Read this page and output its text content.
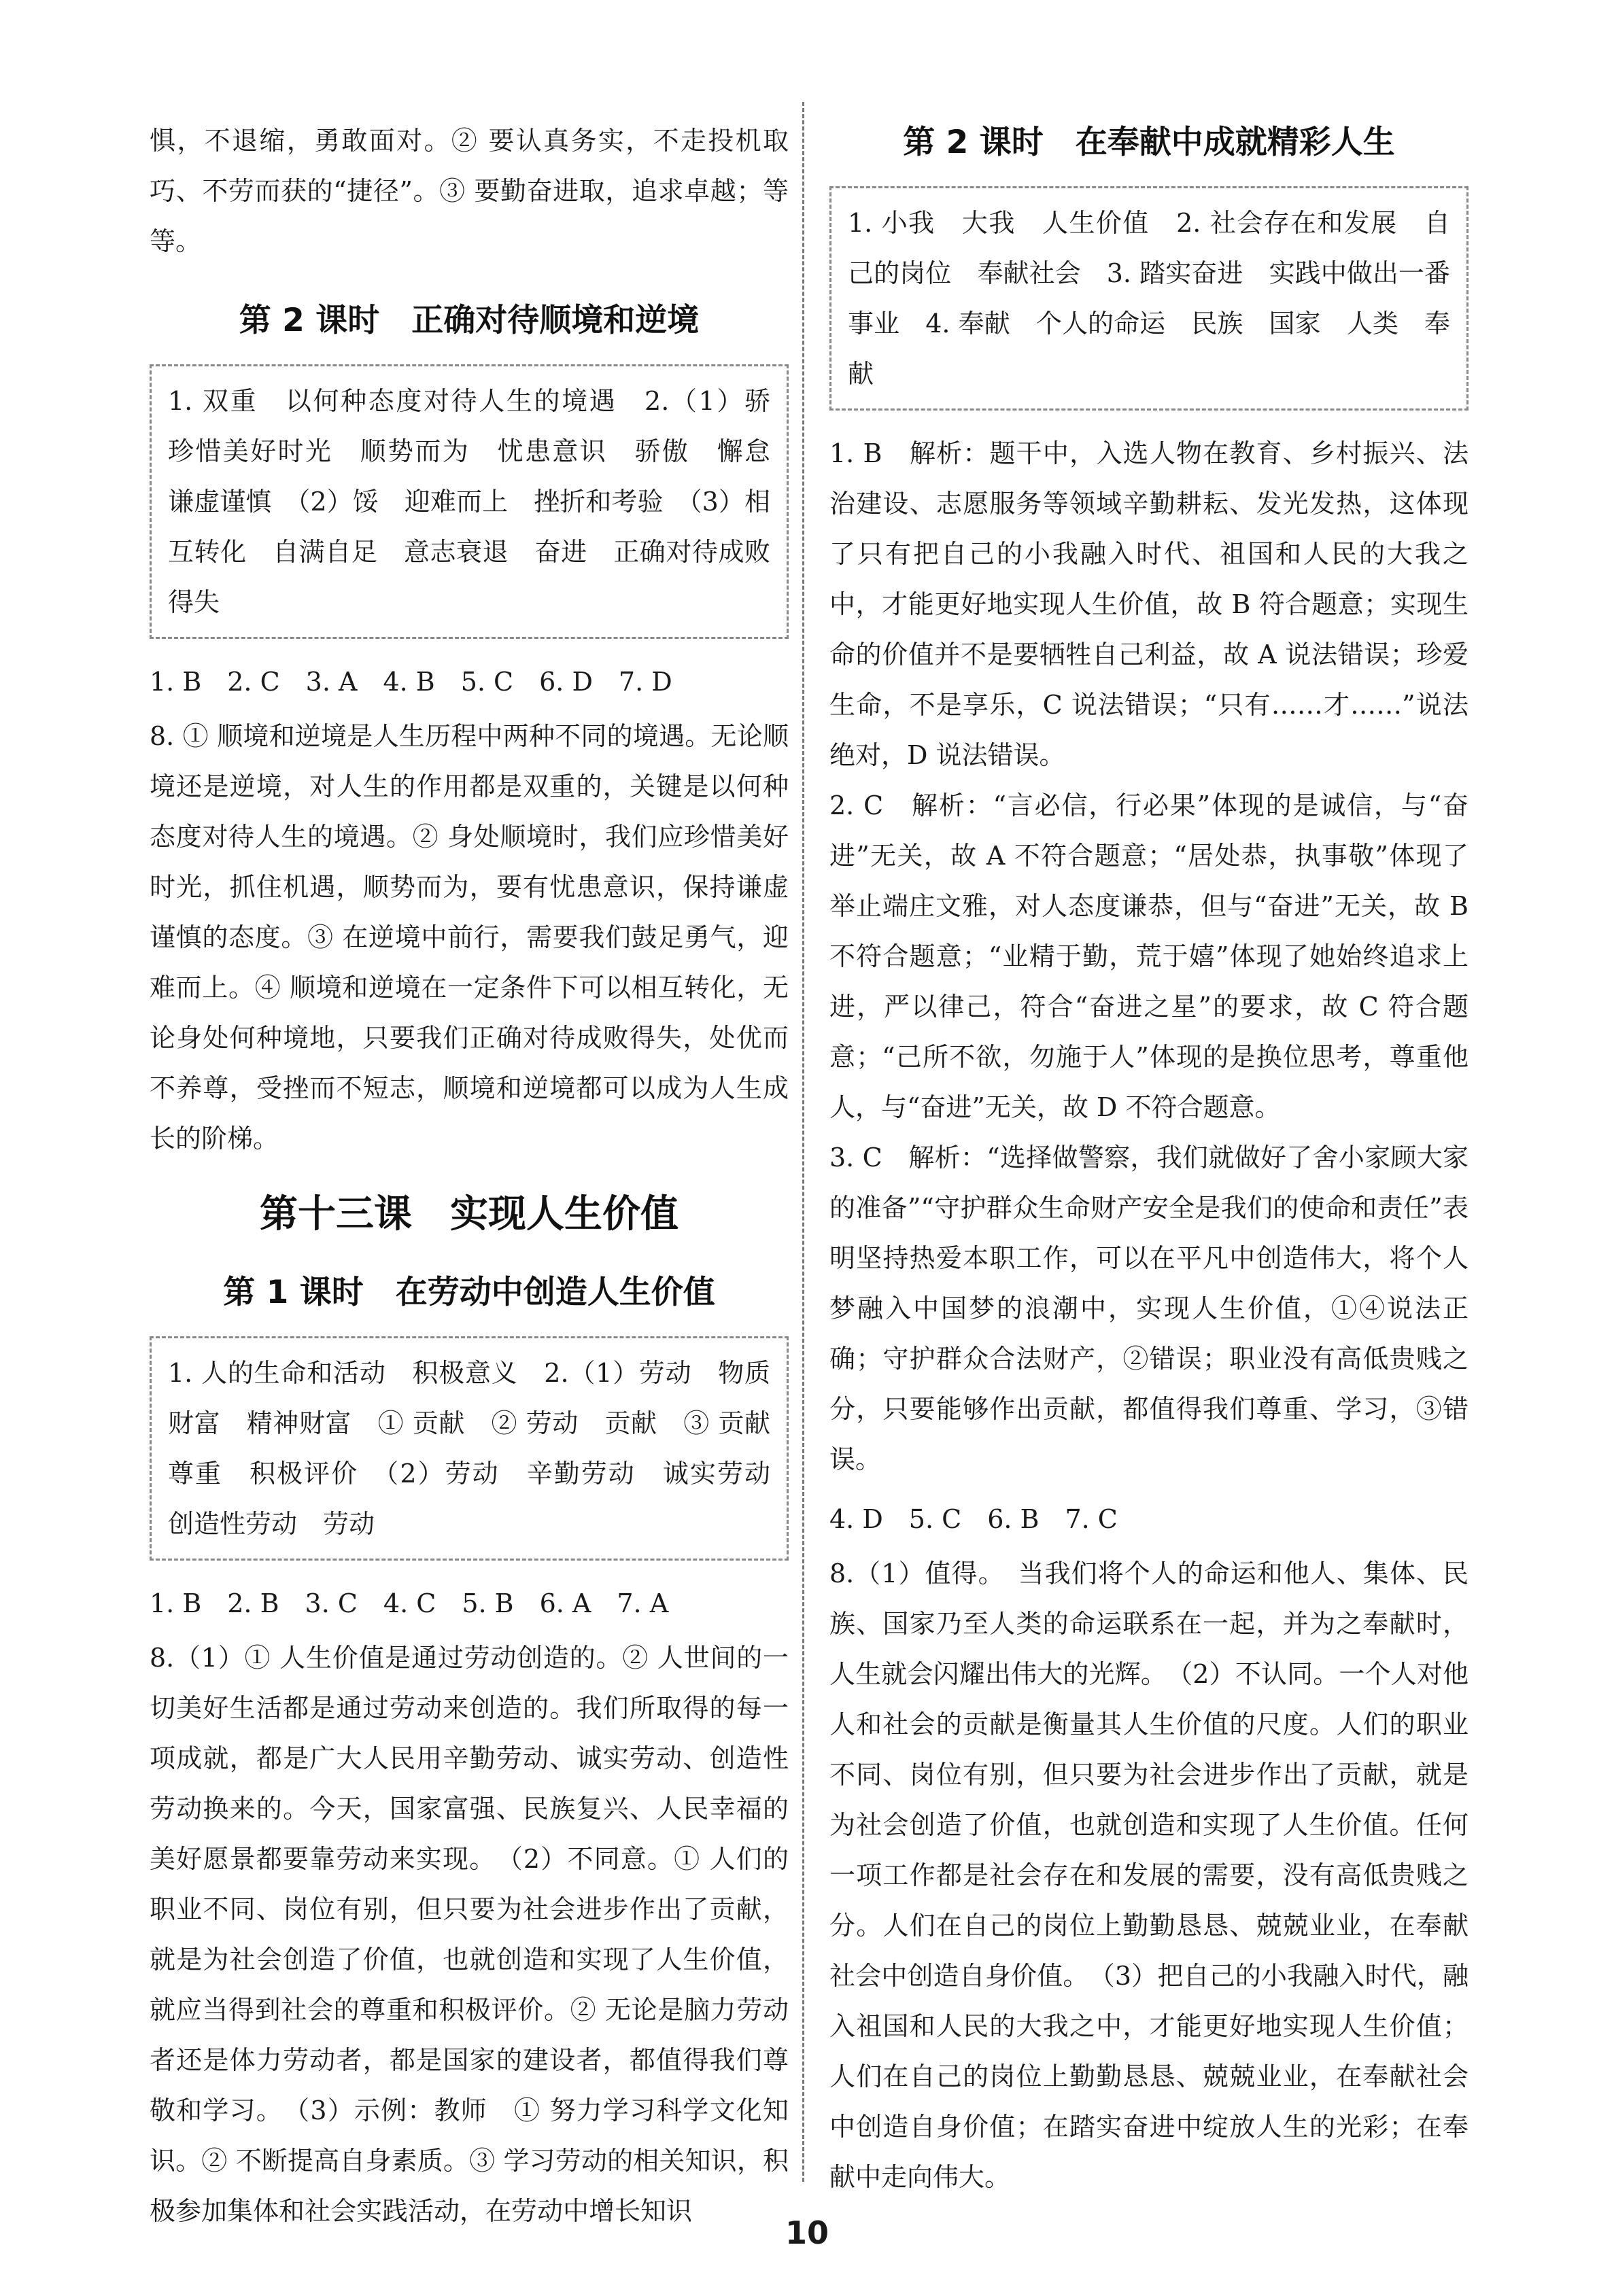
惧，不退缩，勇敢面对。② 要认真务实，不走投机取巧、不劳而获的“捷径”。③ 要勤奋进取，追求卓越；等等。

第 2 课时　正确对待顺境和逆境

1. 双重　以何种态度对待人生的境遇　2.（1）骄　珍惜美好时光　顺势而为　忧患意识　骄傲　懈怠　谦虚谨慎　（2）馁　迎难而上　挫折和考验　（3）相互转化　自满自足　意志衰退　奋进　正确对待成败得失

1. B　2. C　3. A　4. B　5. C　6. D　7. D

8. ① 顺境和逆境是人生历程中两种不同的境遇。无论顺境还是逆境，对人生的作用都是双重的，关键是以何种态度对待人生的境遇。② 身处顺境时，我们应珍惜美好时光，抓住机遇，顺势而为，要有忧患意识，保持谦虚谨慎的态度。③ 在逆境中前行，需要我们鼓足勇气，迎难而上。④ 顺境和逆境在一定条件下可以相互转化，无论身处何种境地，只要我们正确对待成败得失，处优而不养尊，受挫而不短志，顺境和逆境都可以成为人生成长的阶梯。

第十三课　实现人生价值
第 1 课时　在劳动中创造人生价值

1. 人的生命和活动　积极意义　2.（1）劳动　物质财富　精神财富　① 贡献　② 劳动　贡献　③ 贡献　尊重　积极评价　（2）劳动　辛勤劳动　诚实劳动　创造性劳动　劳动

1. B　2. B　3. C　4. C　5. B　6. A　7. A

8.（1）① 人生价值是通过劳动创造的。② 人世间的一切美好生活都是通过劳动来创造的。我们所取得的每一项成就，都是广大人民用辛勤劳动、诚实劳动、创造性劳动换来的。今天，国家富强、民族复兴、人民幸福的美好愿景都要靠劳动来实现。　（2）不同意。① 人们的职业不同、岗位有别，但只要为社会进步作出了贡献，就是为社会创造了价值，也就创造和实现了人生价值，就应当得到社会的尊重和积极评价。② 无论是脑力劳动者还是体力劳动者，都是国家的建设者，都值得我们尊敬和学习。　（3）示例：教师　① 努力学习科学文化知识。② 不断提高自身素质。③ 学习劳动的相关知识，积极参加集体和社会实践活动，在劳动中增长知识

第 2 课时　在奉献中成就精彩人生

1. 小我　大我　人生价值　2. 社会存在和发展　自己的岗位　奉献社会　3. 踏实奋进　实践中做出一番事业　4. 奉献　个人的命运　民族　国家　人类　奉献

1. B　解析：题干中，入选人物在教育、乡村振兴、法治建设、志愿服务等领域辛勤耕耘、发光发热，这体现了只有把自己的小我融入时代、祖国和人民的大我之中，才能更好地实现人生价值，故 B 符合题意；实现生命的价值并不是要牺牲自己利益，故 A 说法错误；珍爱生命，不是享乐，C 说法错误；“只有……才……”说法绝对，D 说法错误。

2. C　解析：“言必信，行必果”体现的是诚信，与“奋进”无关，故 A 不符合题意；“居处恭，执事敬”体现了举止端庄文雅，对人态度谦恭，但与“奋进”无关，故 B 不符合题意；“业精于勤，荒于嬉”体现了她始终追求上进，严以律己，符合“奋进之星”的要求，故 C 符合题意；“己所不欲，勿施于人”体现的是换位思考，尊重他人，与“奋进”无关，故 D 不符合题意。

3. C　解析：“选择做警察，我们就做好了舍小家顾大家的准备”“守护群众生命财产安全是我们的使命和责任”表明坚持热爱本职工作，可以在平凡中创造伟大，将个人梦融入中国梦的浪潮中，实现人生价值，①④说法正确；守护群众合法财产，②错误；职业没有高低贵贱之分，只要能够作出贡献，都值得我们尊重、学习，③错误。

4. D　5. C　6. B　7. C

8.（1）值得。　当我们将个人的命运和他人、集体、民族、国家乃至人类的命运联系在一起，并为之奉献时，人生就会闪耀出伟大的光辉。　（2）不认同。一个人对他人和社会的贡献是衡量其人生价值的尺度。人们的职业不同、岗位有别，但只要为社会进步作出了贡献，就是为社会创造了价值，也就创造和实现了人生价值。任何一项工作都是社会存在和发展的需要，没有高低贵贱之分。人们在自己的岗位上勤勤恳恳、兢兢业业，在奉献社会中创造自身价值。　（3）把自己的小我融入时代，融入祖国和人民的大我之中，才能更好地实现人生价值；人们在自己的岗位上勤勤恳恳、兢兢业业，在奉献社会中创造自身价值；在踏实奋进中绽放人生的光彩；在奉献中走向伟大。

10
